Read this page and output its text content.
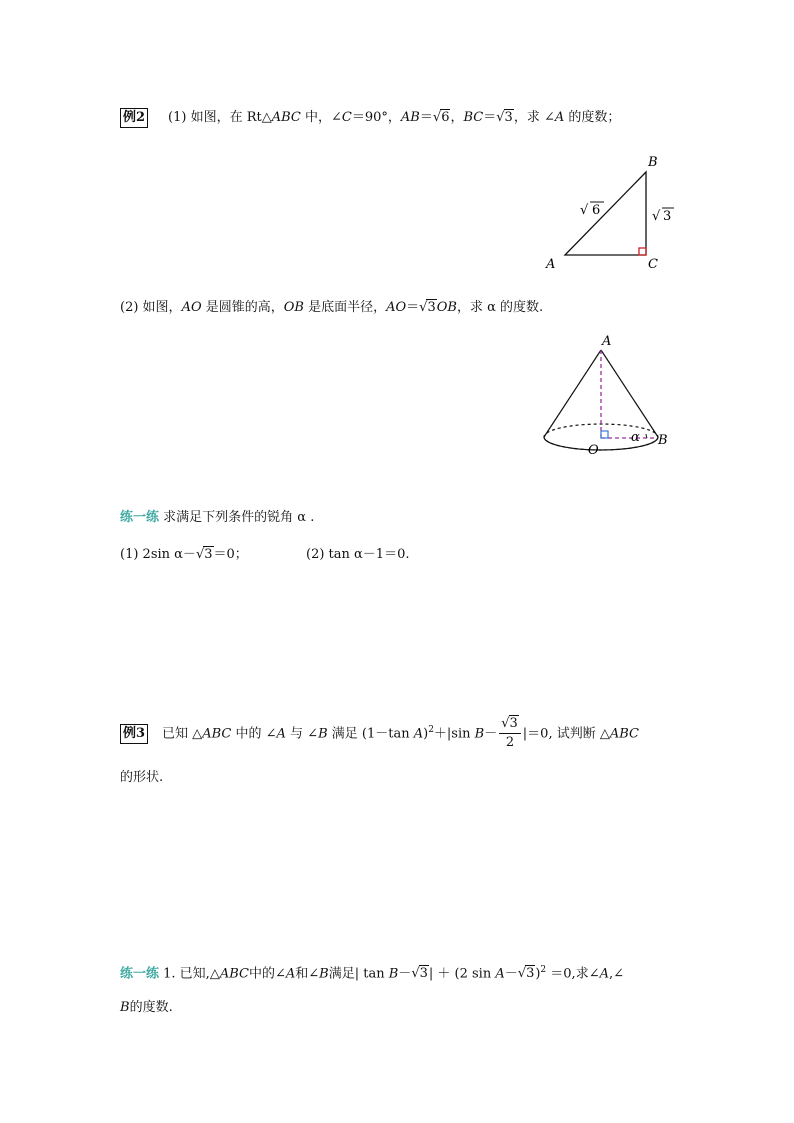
例2 (1) 如图，在 Rt△ABC 中，∠C＝90°，AB＝√6，BC＝√3，求 ∠A 的度数；
A
B
C
√ 6	√ 3
(2) 如图，AO 是圆锥的高，OB 是底面半径，AO＝√3OB，求 α 的度数.
A
O
B
α
练一练 求满足下列条件的锐角 α .
(1) 2sin α－√3＝0；	(2) tan α－1＝0.
例3 已知 △ABC 中的 ∠A 与 ∠B 满足 (1－tan A)$^2$＋|sin $B- \frac{√3}{2} |=0$, 试判断 △ABC
的形状.
练一练 1. 已知,△ABC中的∠A和∠B满足| tan B－√3| ＋ (2 sin A－√3)$^2$ ＝0,求∠A,∠
B的度数.
